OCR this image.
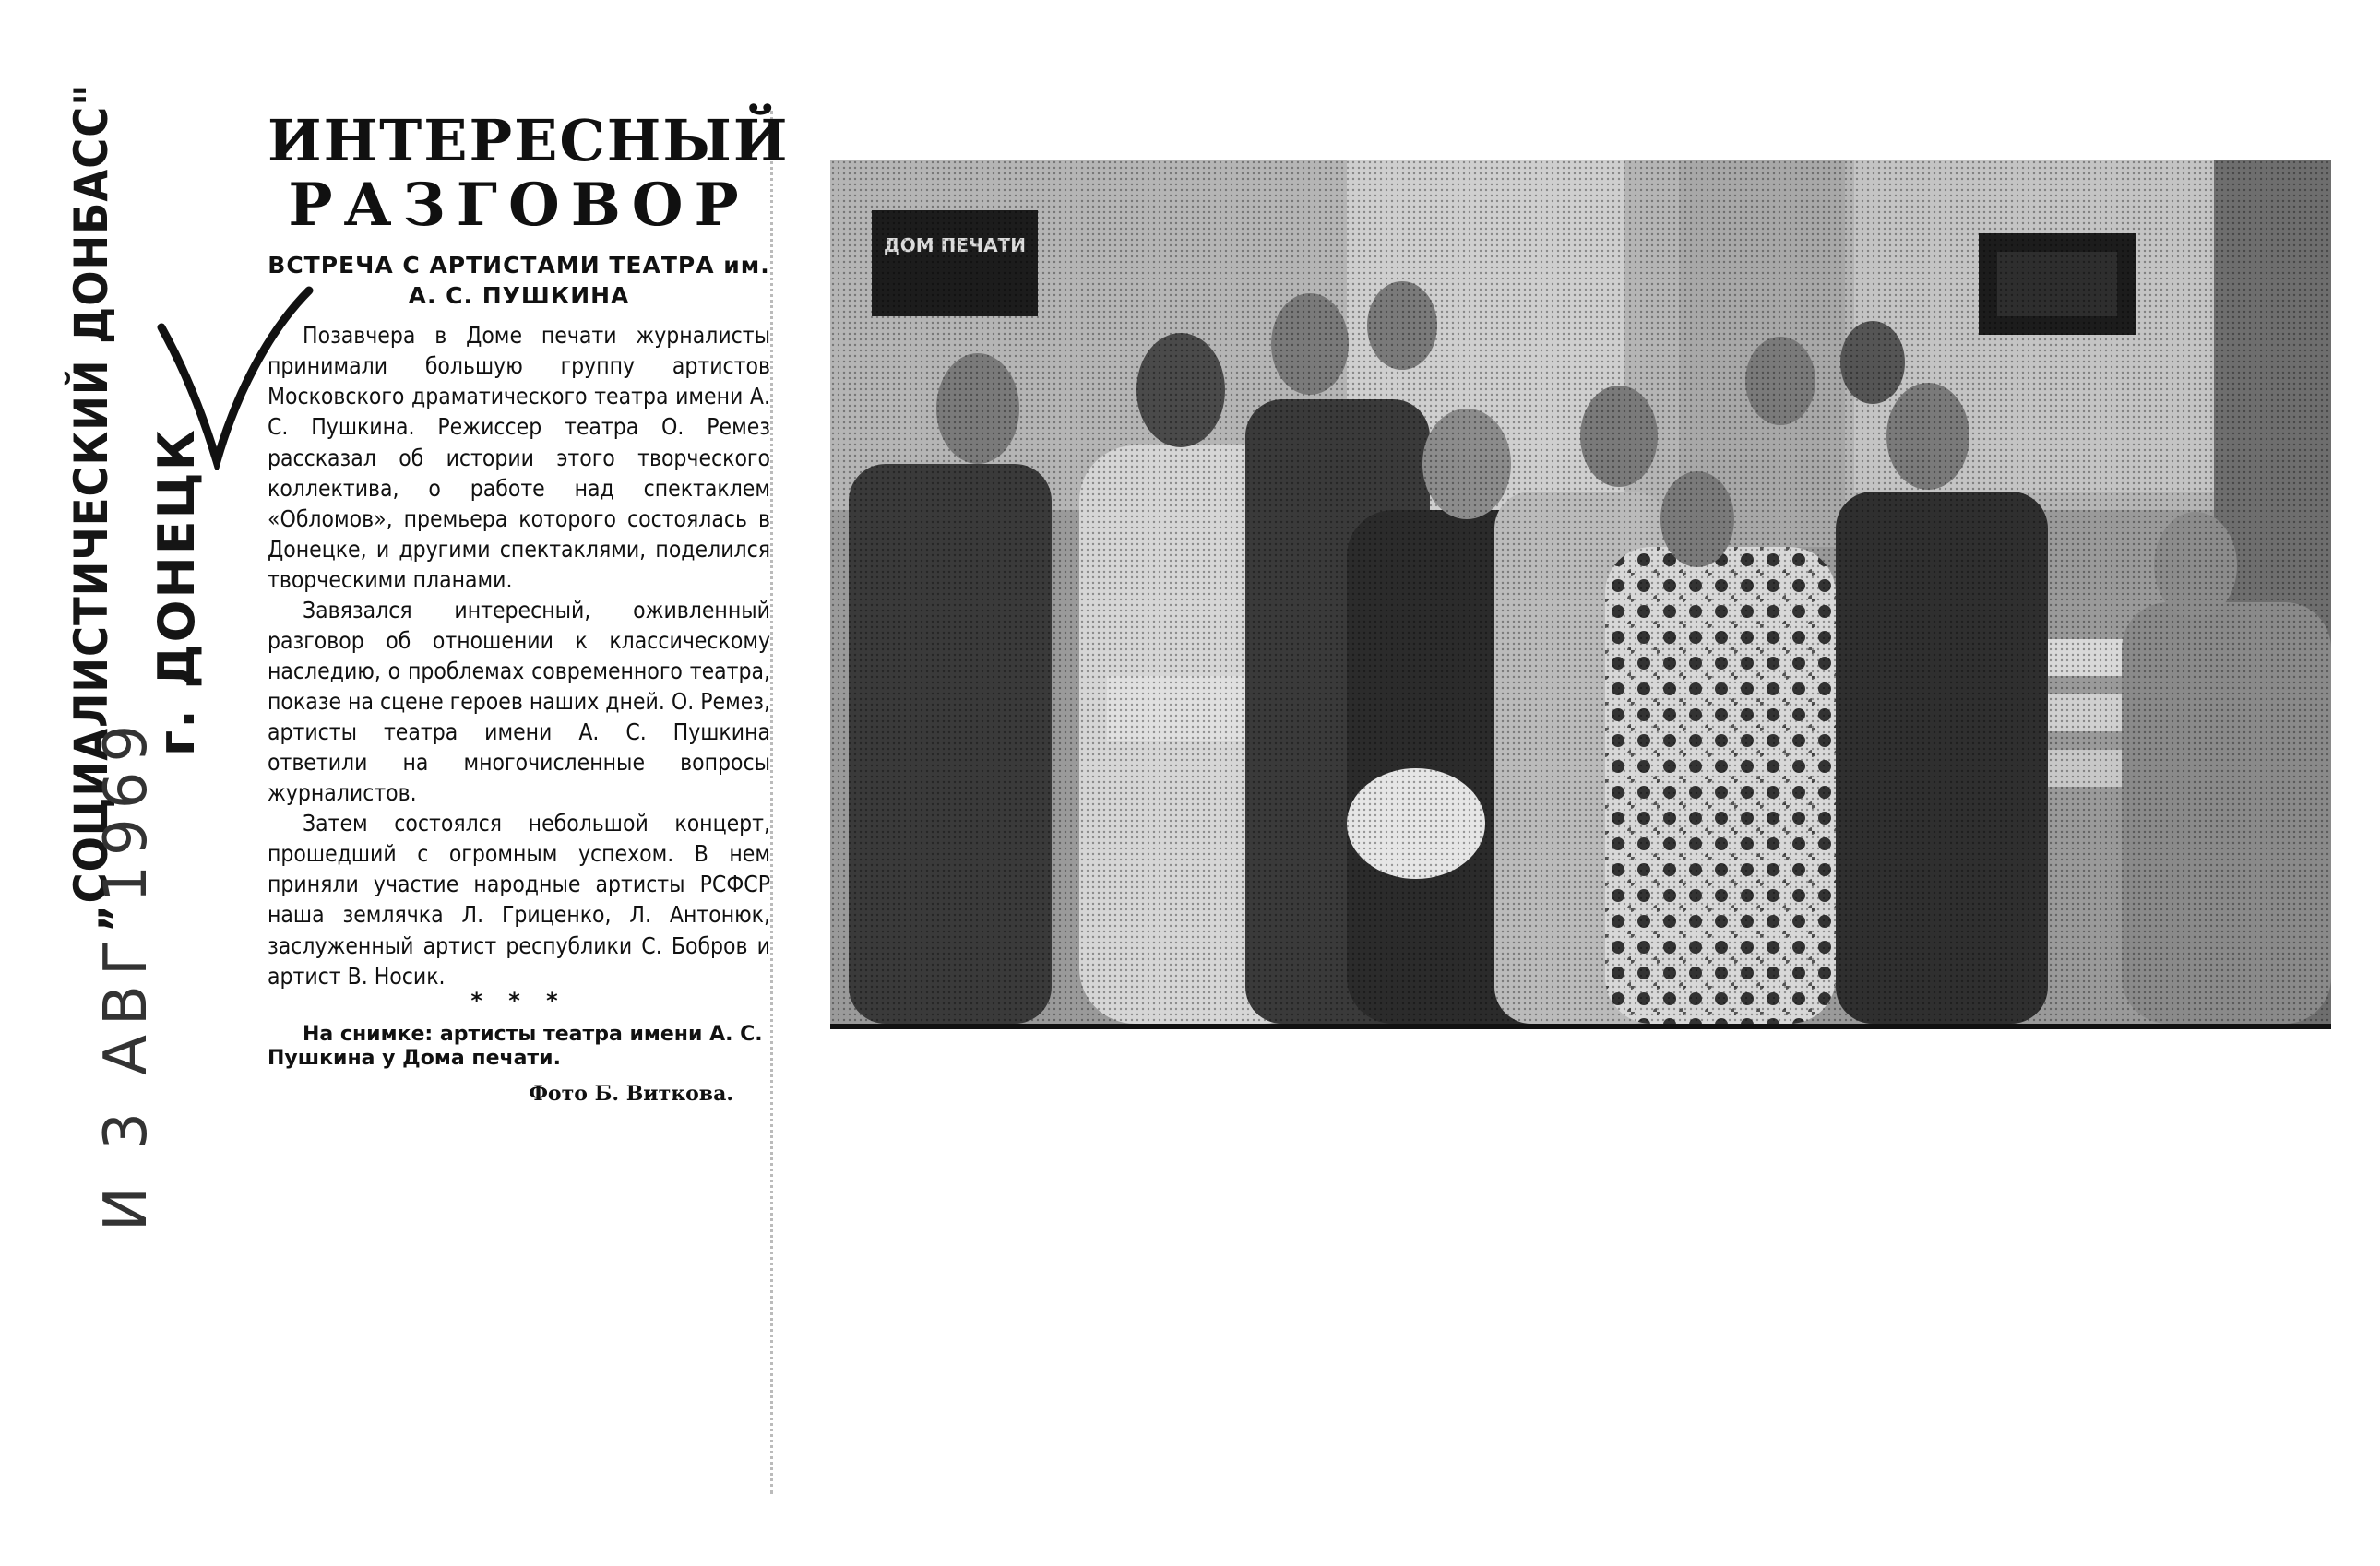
„СОЦИАЛИСТИЧЕСКИЙ ДОНБАСС" г. ДОНЕЦК
И 3 АВГ 1969
ИНТЕРЕСНЫЙ
РАЗГОВОР
ВСТРЕЧА С АРТИСТАМИ ТЕАТРА им. А. С. ПУШКИНА

Позавчера в Доме печати журналисты принимали большую группу артистов Московского драматического театра имени А. С. Пушкина. Режиссер театра О. Ремез рассказал об истории этого творческого коллектива, о работе над спектаклем «Обломов», премьера которого состоялась в Донецке, и другими спектаклями, поделился творческими планами.

Завязался интересный, оживленный разговор об отношении к классическому наследию, о проблемах современного театра, показе на сцене героев наших дней. О. Ремез, артисты театра имени А. С. Пушкина ответили на многочисленные вопросы журналистов.

Затем состоялся небольшой концерт, прошедший с огромным успехом. В нем приняли участие народные артисты РСФСР наша землячка Л. Гриценко, Л. Антонюк, заслуженный артист республики С. Бобров и артист В. Носик.

* * *
На снимке: артисты театра имени А. С. Пушкина у Дома печати.
Фото Б. Виткова.
